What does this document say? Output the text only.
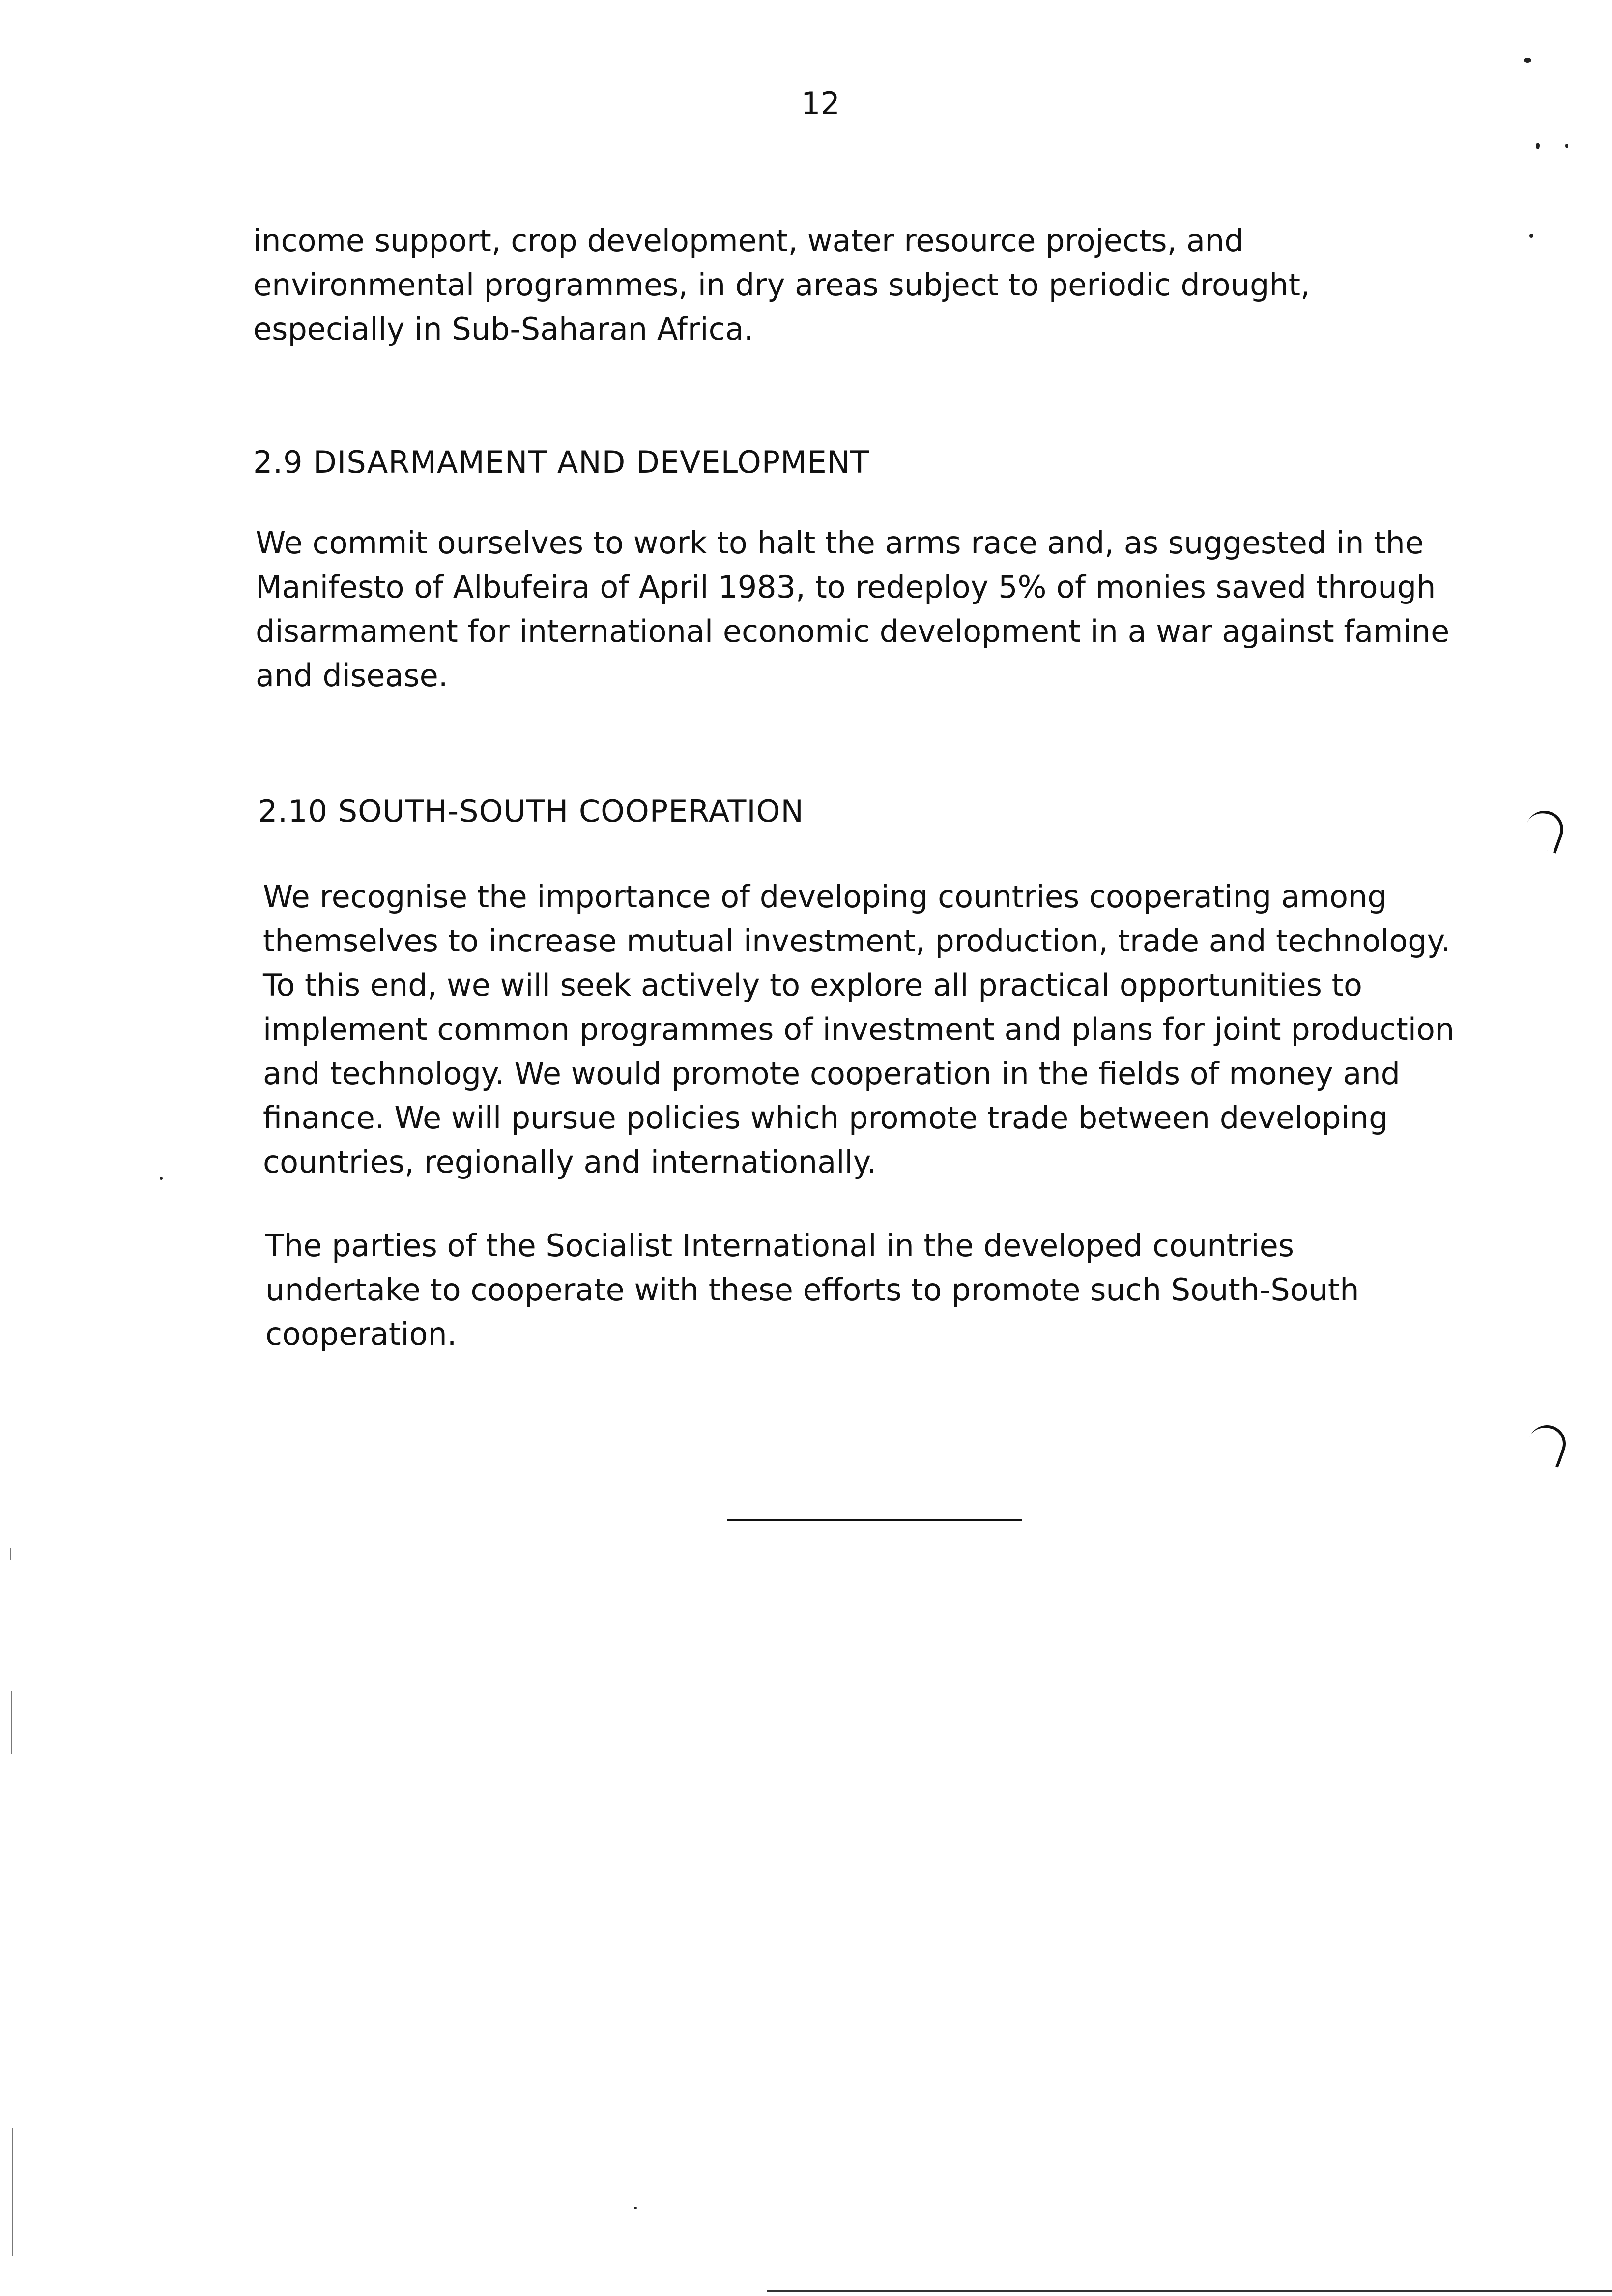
12
income support, crop development, water resource projects, and
environmental programmes, in dry areas subject to periodic drought,
especially in Sub-Saharan Africa.
2.9 DISARMAMENT AND DEVELOPMENT
We commit ourselves to work to halt the arms race and, as suggested in the
Manifesto of Albufeira of April 1983, to redeploy 5% of monies saved through
disarmament for international economic development in a war against famine
and disease.
2.10 SOUTH-SOUTH COOPERATION
We recognise the importance of developing countries cooperating among
themselves to increase mutual investment, production, trade and technology.
To this end, we will seek actively to explore all practical opportunities to
implement common programmes of investment and plans for joint production
and technology. We would promote cooperation in the fields of money and
finance. We will pursue policies which promote trade between developing
countries, regionally and internationally.
The parties of the Socialist International in the developed countries
undertake to cooperate with these efforts to promote such South-South
cooperation.
